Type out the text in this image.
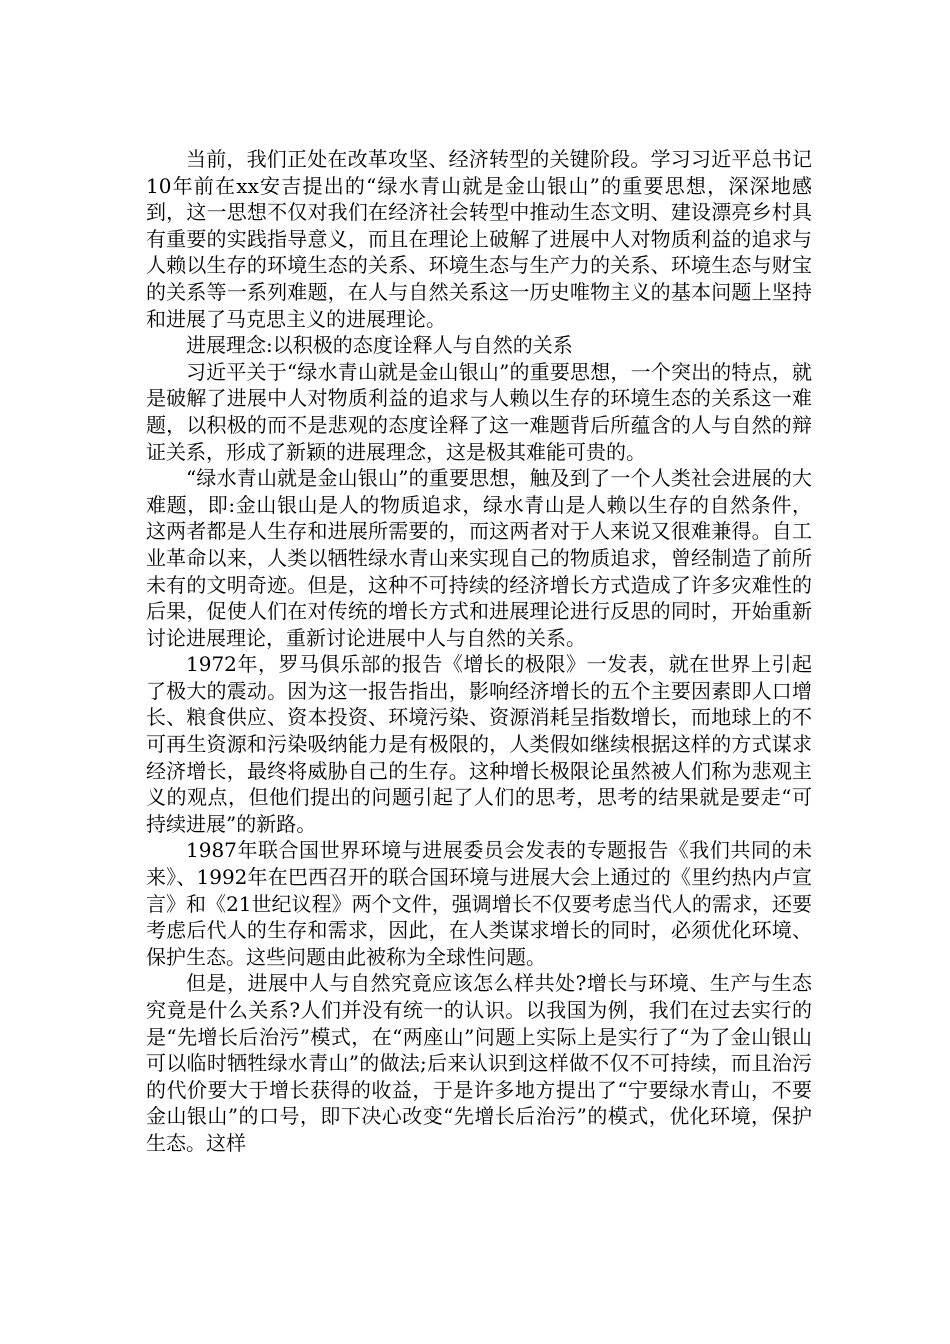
当前，我们正处在改革攻坚、经济转型的关键阶段。学习习近平总书记10年前在xx安吉提出的“绿水青山就是金山银山”的重要思想，深深地感到，这一思想不仅对我们在经济社会转型中推动生态文明、建设漂亮乡村具有重要的实践指导意义，而且在理论上破解了进展中人对物质利益的追求与人赖以生存的环境生态的关系、环境生态与生产力的关系、环境生态与财宝的关系等一系列难题，在人与自然关系这一历史唯物主义的基本问题上坚持和进展了马克思主义的进展理论。

进展理念:以积极的态度诠释人与自然的关系

习近平关于“绿水青山就是金山银山”的重要思想，一个突出的特点，就是破解了进展中人对物质利益的追求与人赖以生存的环境生态的关系这一难题，以积极的而不是悲观的态度诠释了这一难题背后所蕴含的人与自然的辩证关系，形成了新颖的进展理念，这是极其难能可贵的。

“绿水青山就是金山银山”的重要思想，触及到了一个人类社会进展的大难题，即:金山银山是人的物质追求，绿水青山是人赖以生存的自然条件，这两者都是人生存和进展所需要的，而这两者对于人来说又很难兼得。自工业革命以来，人类以牺牲绿水青山来实现自己的物质追求，曾经制造了前所未有的文明奇迹。但是，这种不可持续的经济增长方式造成了许多灾难性的后果，促使人们在对传统的增长方式和进展理论进行反思的同时，开始重新讨论进展理论，重新讨论进展中人与自然的关系。

1972年，罗马俱乐部的报告《增长的极限》一发表，就在世界上引起了极大的震动。因为这一报告指出，影响经济增长的五个主要因素即人口增长、粮食供应、资本投资、环境污染、资源消耗呈指数增长，而地球上的不可再生资源和污染吸纳能力是有极限的，人类假如继续根据这样的方式谋求经济增长，最终将威胁自己的生存。这种增长极限论虽然被人们称为悲观主义的观点，但他们提出的问题引起了人们的思考，思考的结果就是要走“可持续进展”的新路。

1987年联合国世界环境与进展委员会发表的专题报告《我们共同的未来》、1992年在巴西召开的联合国环境与进展大会上通过的《里约热内卢宣言》和《21世纪议程》两个文件，强调增长不仅要考虑当代人的需求，还要考虑后代人的生存和需求，因此，在人类谋求增长的同时，必须优化环境、保护生态。这些问题由此被称为全球性问题。

但是，进展中人与自然究竟应该怎么样共处?增长与环境、生产与生态究竟是什么关系?人们并没有统一的认识。以我国为例，我们在过去实行的是“先增长后治污”模式，在“两座山”问题上实际上是实行了“为了金山银山可以临时牺牲绿水青山”的做法;后来认识到这样做不仅不可持续，而且治污的代价要大于增长获得的收益，于是许多地方提出了“宁要绿水青山，不要金山银山”的口号，即下决心改变“先增长后治污”的模式，优化环境，保护生态。这样
